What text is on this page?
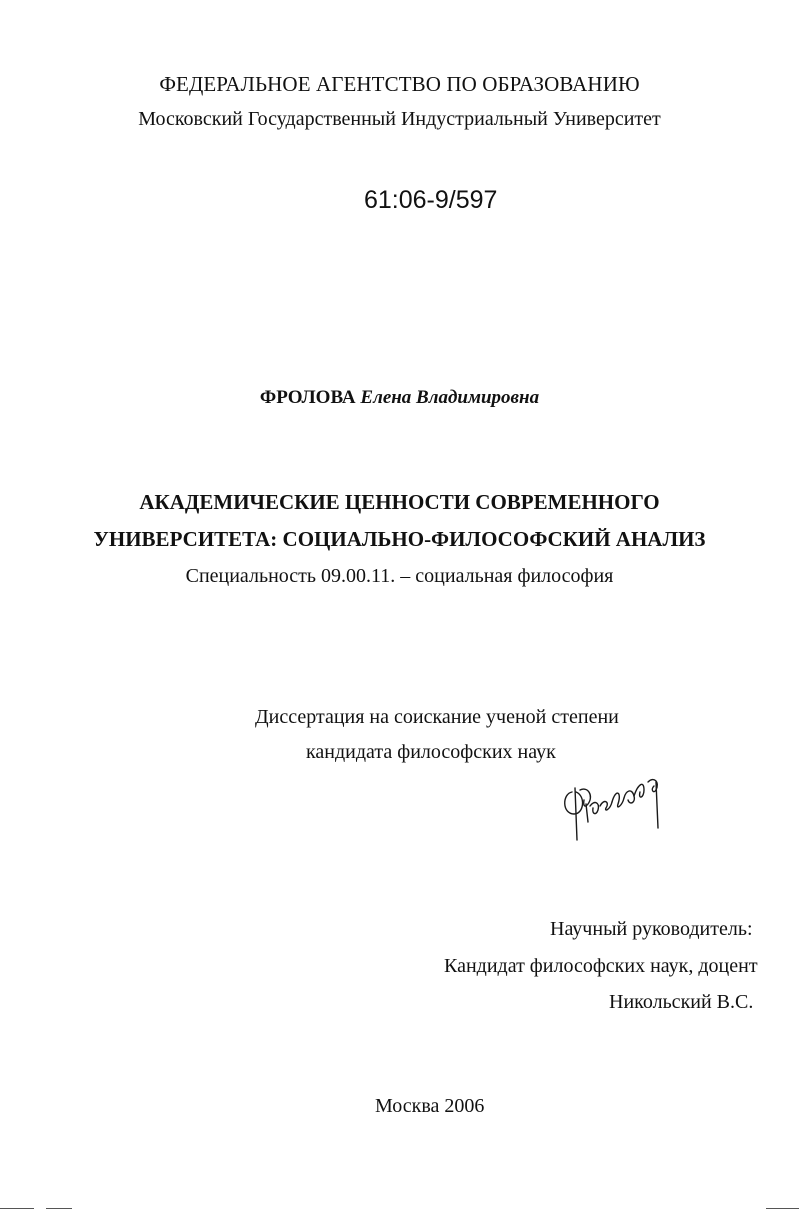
ФЕДЕРАЛЬНОЕ АГЕНТСТВО ПО ОБРАЗОВАНИЮ
Московский Государственный Индустриальный Университет
61:06-9/597
ФРОЛОВА Елена Владимировна
АКАДЕМИЧЕСКИЕ ЦЕННОСТИ СОВРЕМЕННОГО
УНИВЕРСИТЕТА: СОЦИАЛЬНО-ФИЛОСОФСКИЙ АНАЛИЗ
Специальность 09.00.11. – социальная философия
Диссертация на соискание ученой степени
кандидата философских наук
Научный руководитель:
Кандидат философских наук, доцент
Никольский В.С.
Москва 2006
